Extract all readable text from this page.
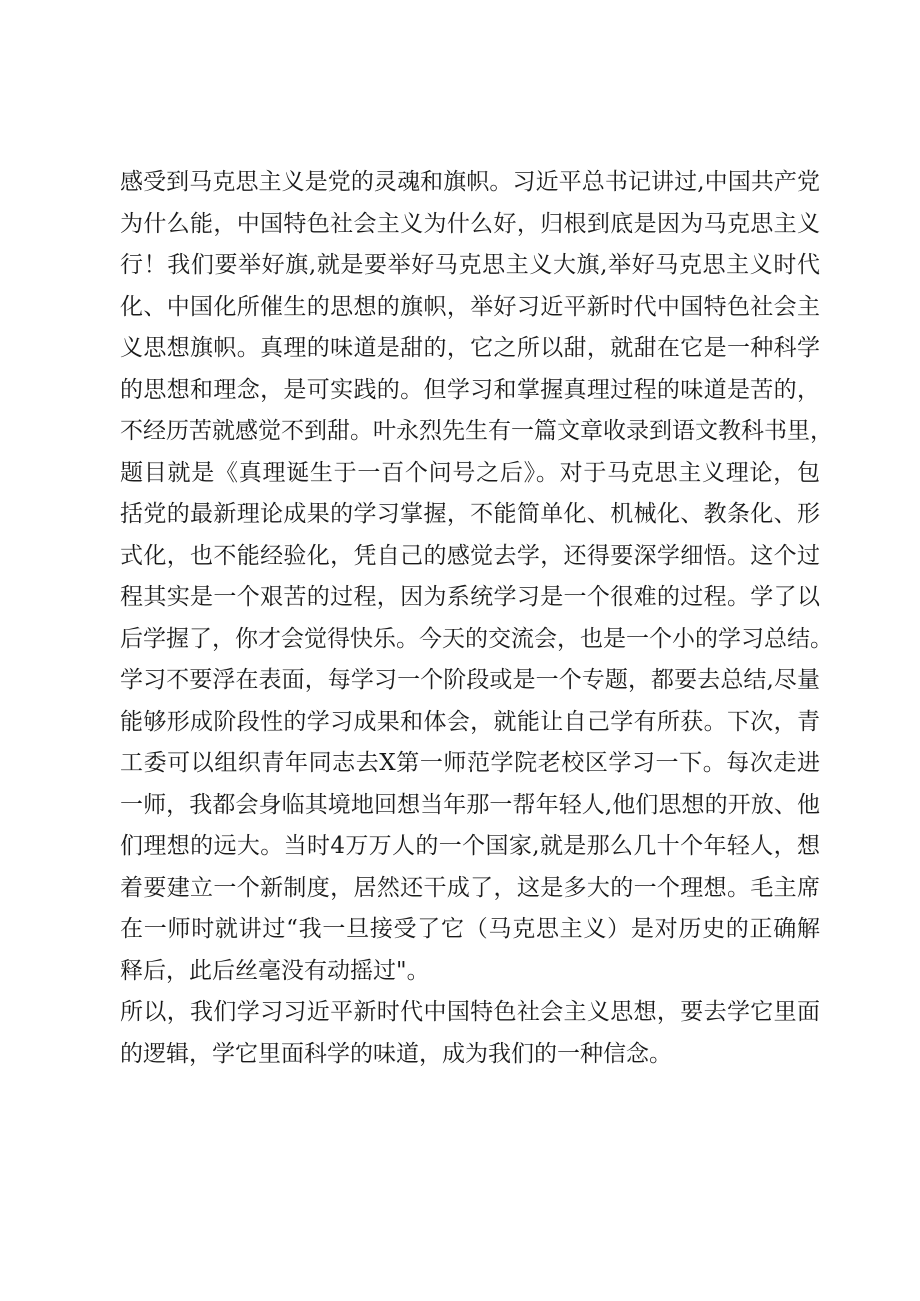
感受到马克思主义是党的灵魂和旗帜。习近平总书记讲过,中国共产党
为什么能，中国特色社会主义为什么好，归根到底是因为马克思主义
行！我们要举好旗,就是要举好马克思主义大旗,举好马克思主义时代
化、中国化所催生的思想的旗帜，举好习近平新时代中国特色社会主
义思想旗帜。真理的味道是甜的，它之所以甜，就甜在它是一种科学
的思想和理念，是可实践的。但学习和掌握真理过程的味道是苦的，
不经历苦就感觉不到甜。叶永烈先生有一篇文章收录到语文教科书里，
题目就是《真理诞生于一百个问号之后》。对于马克思主义理论，包
括党的最新理论成果的学习掌握，不能简单化、机械化、教条化、形
式化，也不能经验化，凭自己的感觉去学，还得要深学细悟。这个过
程其实是一个艰苦的过程，因为系统学习是一个很难的过程。学了以
后学握了，你才会觉得快乐。今天的交流会，也是一个小的学习总结。
学习不要浮在表面，每学习一个阶段或是一个专题，都要去总结,尽量
能够形成阶段性的学习成果和体会，就能让自己学有所获。下次，青
工委可以组织青年同志去X第一师范学院老校区学习一下。每次走进
一师，我都会身临其境地回想当年那一帮年轻人,他们思想的开放、他
们理想的远大。当时4万万人的一个国家,就是那么几十个年轻人，想
着要建立一个新制度，居然还干成了，这是多大的一个理想。毛主席
在一师时就讲过“我一旦接受了它（马克思主义）是对历史的正确解
释后，此后丝毫没有动摇过"。
所以，我们学习习近平新时代中国特色社会主义思想，要去学它里面
的逻辑，学它里面科学的味道，成为我们的一种信念。
